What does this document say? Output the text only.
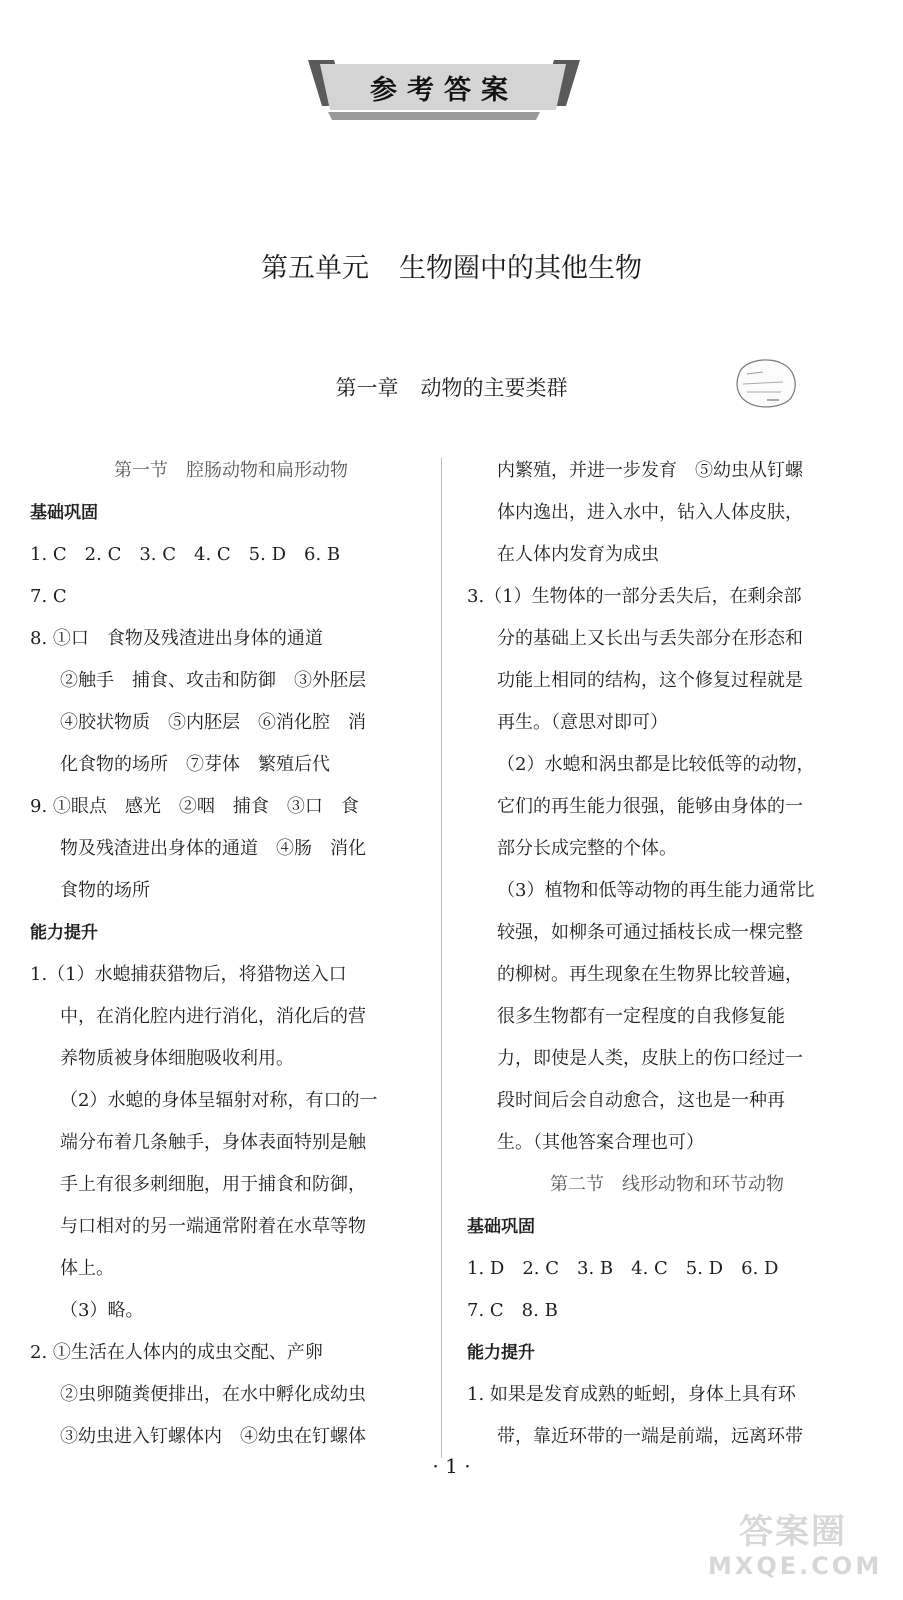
参考答案
第五单元 生物圈中的其他生物
第一章 动物的主要类群
第一节　腔肠动物和扁形动物
基础巩固
1. C　2. C　3. C　4. C　5. D　6. B
7. C
8. ①口　食物及残渣进出身体的通道
②触手　捕食、攻击和防御　③外胚层
④胶状物质　⑤内胚层　⑥消化腔　消
化食物的场所　⑦芽体　繁殖后代
9. ①眼点　感光　②咽　捕食　③口　食
物及残渣进出身体的通道　④肠　消化
食物的场所
能力提升
1.（1）水螅捕获猎物后，将猎物送入口
中，在消化腔内进行消化，消化后的营
养物质被身体细胞吸收利用。
（2）水螅的身体呈辐射对称，有口的一
端分布着几条触手，身体表面特别是触
手上有很多刺细胞，用于捕食和防御，
与口相对的另一端通常附着在水草等物
体上。
（3）略。
2. ①生活在人体内的成虫交配、产卵
②虫卵随粪便排出，在水中孵化成幼虫
③幼虫进入钉螺体内　④幼虫在钉螺体
内繁殖，并进一步发育　⑤幼虫从钉螺
体内逸出，进入水中，钻入人体皮肤，
在人体内发育为成虫
3.（1）生物体的一部分丢失后，在剩余部
分的基础上又长出与丢失部分在形态和
功能上相同的结构，这个修复过程就是
再生。（意思对即可）
（2）水螅和涡虫都是比较低等的动物，
它们的再生能力很强，能够由身体的一
部分长成完整的个体。
（3）植物和低等动物的再生能力通常比
较强，如柳条可通过插枝长成一棵完整
的柳树。再生现象在生物界比较普遍，
很多生物都有一定程度的自我修复能
力，即使是人类，皮肤上的伤口经过一
段时间后会自动愈合，这也是一种再
生。（其他答案合理也可）
第二节　线形动物和环节动物
基础巩固
1. D　2. C　3. B　4. C　5. D　6. D
7. C　8. B
能力提升
1. 如果是发育成熟的蚯蚓，身体上具有环
带，靠近环带的一端是前端，远离环带
· 1 ·
答案圈
MXQE.COM
